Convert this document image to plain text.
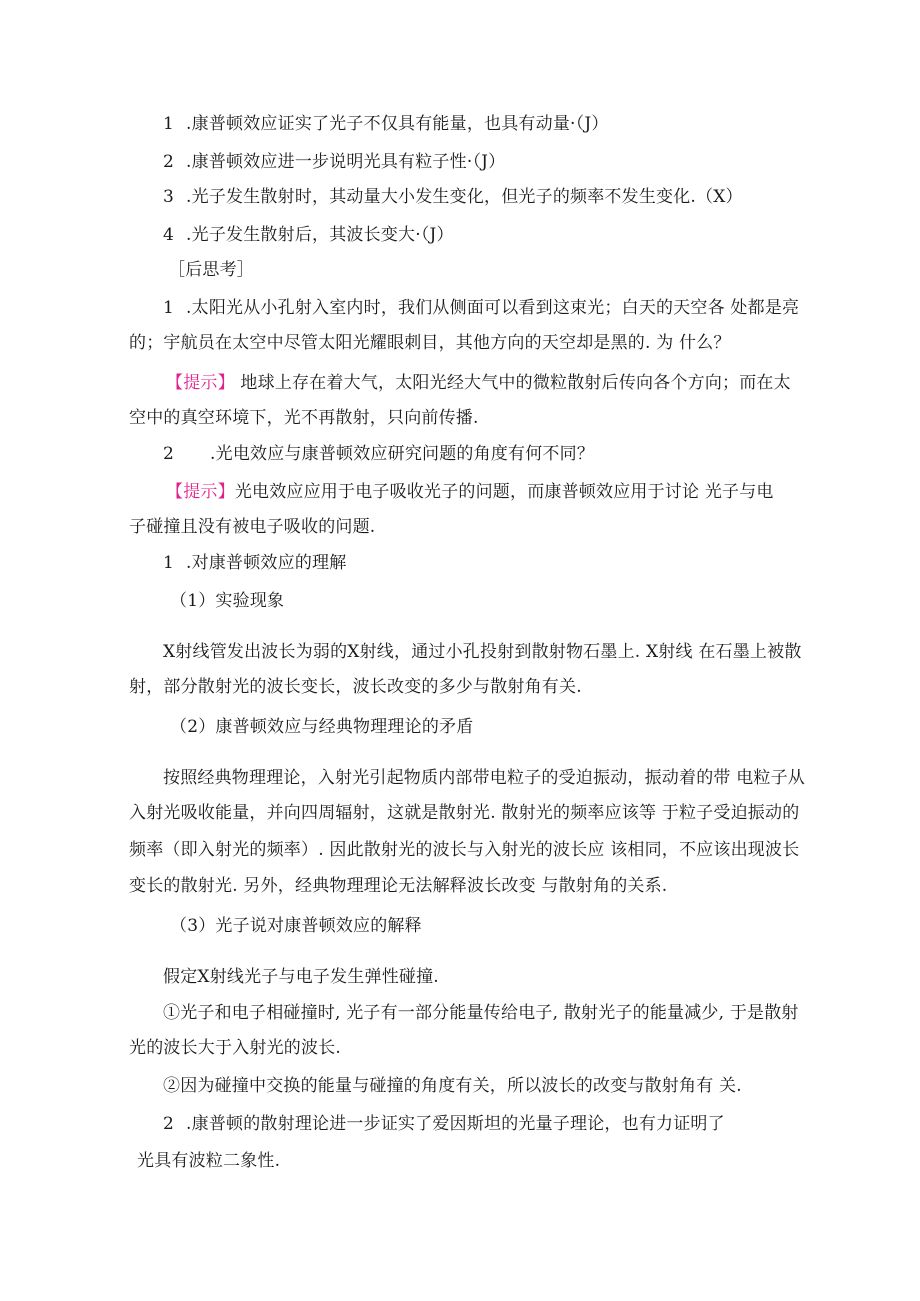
1 .康普顿效应证实了光子不仅具有能量，也具有动量·（J）
2 .康普顿效应进一步说明光具有粒子性·（J）
3 .光子发生散射时，其动量大小发生变化，但光子的频率不发生变化.（X）
4 .光子发生散射后，其波长变大·（J）
［后思考］
1 .太阳光从小孔射入室内时，我们从侧面可以看到这束光；白天的天空各 处都是亮
的；宇航员在太空中尽管太阳光耀眼刺目，其他方向的天空却是黑的. 为 什么？
【提示】 地球上存在着大气，太阳光经大气中的微粒散射后传向各个方向；而在太
空中的真空环境下，光不再散射，只向前传播.
2 .光电效应与康普顿效应研究问题的角度有何不同？
【提示】光电效应应用于电子吸收光子的问题，而康普顿效应用于讨论 光子与电
子碰撞且没有被电子吸收的问题.
1 .对康普顿效应的理解
（1）实验现象
X射线管发出波长为弱的X射线，通过小孔投射到散射物石墨上. X射线 在石墨上被散
射，部分散射光的波长变长，波长改变的多少与散射角有关.
（2）康普顿效应与经典物理理论的矛盾
按照经典物理理论，入射光引起物质内部带电粒子的受迫振动，振动着的带 电粒子从
入射光吸收能量，并向四周辐射，这就是散射光. 散射光的频率应该等 于粒子受迫振动的
频率（即入射光的频率）. 因此散射光的波长与入射光的波长应 该相同，不应该出现波长
变长的散射光. 另外，经典物理理论无法解释波长改变 与散射角的关系.
（3）光子说对康普顿效应的解释
假定X射线光子与电子发生弹性碰撞.
①光子和电子相碰撞时, 光子有一部分能量传给电子, 散射光子的能量减少, 于是散射
光的波长大于入射光的波长.
②因为碰撞中交换的能量与碰撞的角度有关，所以波长的改变与散射角有 关.
2 .康普顿的散射理论进一步证实了爱因斯坦的光量子理论，也有力证明了
光具有波粒二象性.
